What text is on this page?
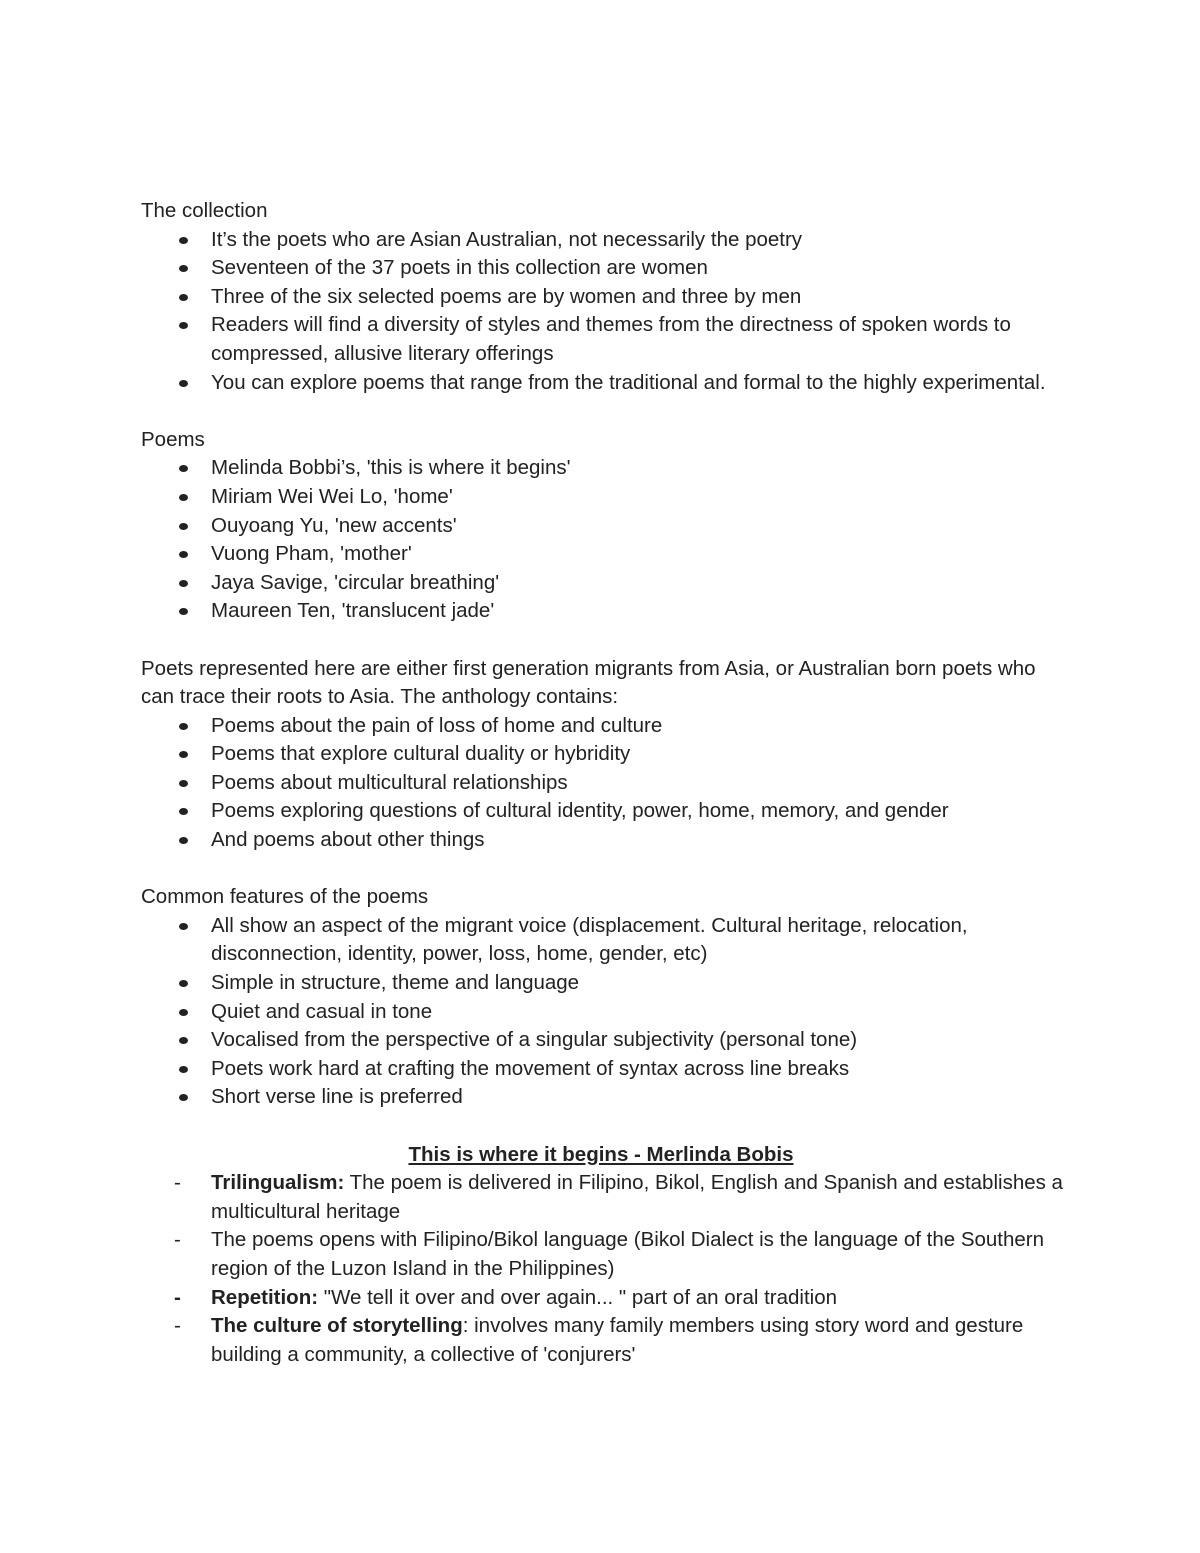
The collection

It’s the poets who are Asian Australian, not necessarily the poetry
Seventeen of the 37 poets in this collection are women
Three of the six selected poems are by women and three by men
Readers will find a diversity of styles and themes from the directness of spoken words to compressed, allusive literary offerings
You can explore poems that range from the traditional and formal to the highly experimental.

Poems

Melinda Bobbi’s, 'this is where it begins'
Miriam Wei Wei Lo, 'home'
Ouyoang Yu, 'new accents'
Vuong Pham, 'mother'
Jaya Savige, 'circular breathing'
Maureen Ten, 'translucent jade'

Poets represented here are either first generation migrants from Asia, or Australian born poets who can trace their roots to Asia. The anthology contains:

Poems about the pain of loss of home and culture
Poems that explore cultural duality or hybridity
Poems about multicultural relationships
Poems exploring questions of cultural identity, power, home, memory, and gender
And poems about other things

Common features of the poems

All show an aspect of the migrant voice (displacement. Cultural heritage, relocation, disconnection, identity, power, loss, home, gender, etc)
Simple in structure, theme and language
Quiet and casual in tone
Vocalised from the perspective of a singular subjectivity (personal tone)
Poets work hard at crafting the movement of syntax across line breaks
Short verse line is preferred

This is where it begins - Merlinda Bobis

- Trilingualism: The poem is delivered in Filipino, Bikol, English and Spanish and establishes a multicultural heritage
- The poems opens with Filipino/Bikol language (Bikol Dialect is the language of the Southern region of the Luzon Island in the Philippines)
- Repetition: "We tell it over and over again... " part of an oral tradition
- The culture of storytelling: involves many family members using story word and gesture building a community, a collective of 'conjurers'
